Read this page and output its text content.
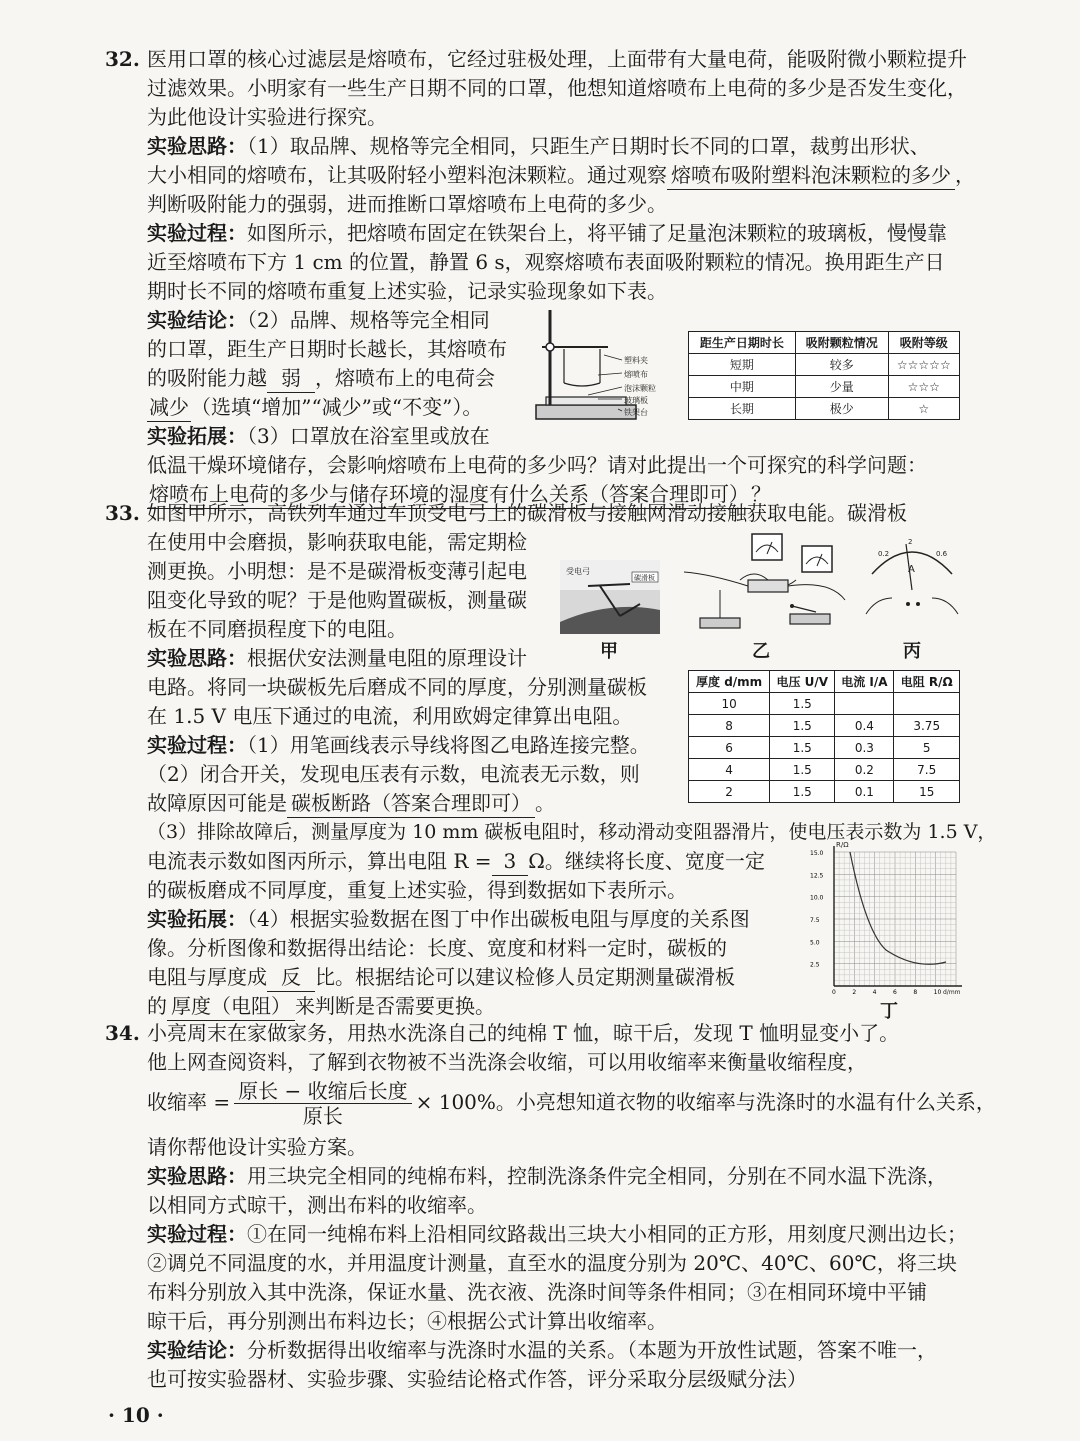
32. 医用口罩的核心过滤层是熔喷布，它经过驻极处理，上面带有大量电荷，能吸附微小颗粒提升
过滤效果。小明家有一些生产日期不同的口罩，他想知道熔喷布上电荷的多少是否发生变化，
为此他设计实验进行探究。
实验思路：（1）取品牌、规格等完全相同，只距生产日期时长不同的口罩，裁剪出形状、
大小相同的熔喷布，让其吸附轻小塑料泡沫颗粒。通过观察 熔喷布吸附塑料泡沫颗粒的多少 ，
判断吸附能力的强弱，进而推断口罩熔喷布上电荷的多少。
实验过程：如图所示，把熔喷布固定在铁架台上，将平铺了足量泡沫颗粒的玻璃板，慢慢靠
近至熔喷布下方 1 cm 的位置，静置 6 s，观察熔喷布表面吸附颗粒的情况。换用距生产日
期时长不同的熔喷布重复上述实验，记录实验现象如下表。
实验结论：（2）品牌、规格等完全相同
的口罩，距生产日期时长越长，其熔喷布
的吸附能力越 弱 ，熔喷布上的电荷会
减少 （选填“增加”“减少”或“不变”）。
实验拓展：（3）口罩放在浴室里或放在
低温干燥环境储存，会影响熔喷布上电荷的多少吗？请对此提出一个可探究的科学问题：
熔喷布上电荷的多少与储存环境的湿度有什么关系（答案合理即可） ？
塑料夹
熔喷布
泡沫颗粒
玻璃板
铁架台
距生产日期时长	吸附颗粒情况	吸附等级
短期	较多	☆☆☆☆☆
中期	少量	☆☆☆
长期	极少	☆
33. 如图甲所示，高铁列车通过车顶受电弓上的碳滑板与接触网滑动接触获取电能。碳滑板
在使用中会磨损，影响获取电能，需定期检
测更换。小明想：是不是碳滑板变薄引起电
阻变化导致的呢？于是他购置碳板，测量碳
板在不同磨损程度下的电阻。
实验思路：根据伏安法测量电阻的原理设计
电路。将同一块碳板先后磨成不同的厚度，分别测量碳板
在 1.5 V 电压下通过的电流，利用欧姆定律算出电阻。
实验过程：（1）用笔画线表示导线将图乙电路连接完整。
（2）闭合开关，发现电压表有示数，电流表无示数，则
故障原因可能是 碳板断路（答案合理即可） 。
（3）排除故障后，测量厚度为 10 mm 碳板电阻时，移动滑动变阻器滑片，使电压表示数为 1.5 V，
电流表示数如图丙所示，算出电阻 R = 3 Ω。继续将长度、宽度一定
的碳板磨成不同厚度，重复上述实验，得到数据如下表所示。
实验拓展：（4）根据实验数据在图丁中作出碳板电阻与厚度的关系图
像。分析图像和数据得出结论：长度、宽度和材料一定时，碳板的
电阻与厚度成 反 比。根据结论可以建议检修人员定期测量碳滑板
的 厚度（电阻） 来判断是否需要更换。
受电弓
碳滑板
0.2
2
0.6
A
甲	乙	丙
厚度 d/mm	电压 U/V	电流 I/A	电阻 R/Ω
10	1.5		
8	1.5	0.4	3.75
6	1.5	0.3	5
4	1.5	0.2	7.5
2	1.5	0.1	15
R/Ω
d/mm
15.0
12.5
10.0
7.5
5.0
2.5
0	2	4	6	8	10
丁
34. 小亮周末在家做家务，用热水洗涤自己的纯棉 T 恤，晾干后，发现 T 恤明显变小了。
他上网查阅资料，了解到衣物被不当洗涤会收缩，可以用收缩率来衡量收缩程度，
收缩率 = $\frac{\text{原长 − 收缩后长度}}{\text{原长}} \times 100\%$。小亮想知道衣物的收缩率与洗涤时的水温有什么关系，
请你帮他设计实验方案。
实验思路：用三块完全相同的纯棉布料，控制洗涤条件完全相同，分别在不同水温下洗涤，
以相同方式晾干，测出布料的收缩率。
实验过程：①在同一纯棉布料上沿相同纹路裁出三块大小相同的正方形，用刻度尺测出边长；
②调兑不同温度的水，并用温度计测量，直至水的温度分别为 20℃、40℃、60℃，将三块
布料分别放入其中洗涤，保证水量、洗衣液、洗涤时间等条件相同；③在相同环境中平铺
晾干后，再分别测出布料边长；④根据公式计算出收缩率。
实验结论：分析数据得出收缩率与洗涤时水温的关系。（本题为开放性试题，答案不唯一，
也可按实验器材、实验步骤、实验结论格式作答，评分采取分层级赋分法）
· 10 ·
